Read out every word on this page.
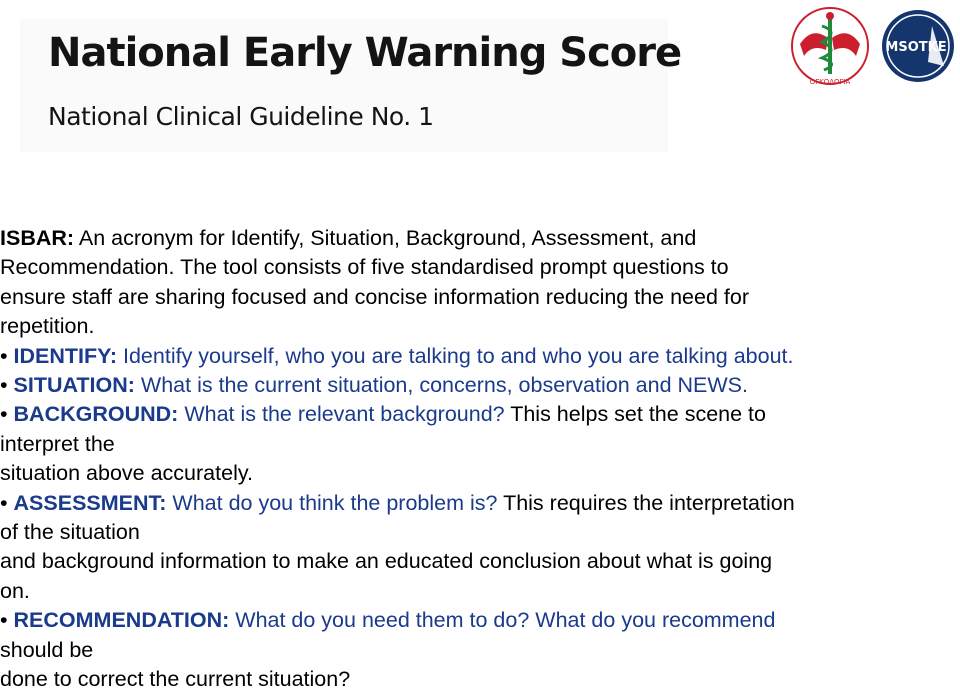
National Early Warning Score
National Clinical Guideline No. 1
ΟΓΚΟΛΟΓΙΑ
MSOTKE

ISBAR: An acronym for Identify, Situation, Background, Assessment, and
Recommendation. The tool consists of five standardised prompt questions to
ensure staff are sharing focused and concise information reducing the need for
repetition.

• IDENTIFY: Identify yourself, who you are talking to and who you are talking about.

• SITUATION: What is the current situation, concerns, observation and NEWS.

• BACKGROUND: What is the relevant background? This helps set the scene to
interpret the
situation above accurately.

• ASSESSMENT: What do you think the problem is? This requires the interpretation
of the situation
and background information to make an educated conclusion about what is going
on.

• RECOMMENDATION: What do you need them to do? What do you recommend
should be
done to correct the current situation?
